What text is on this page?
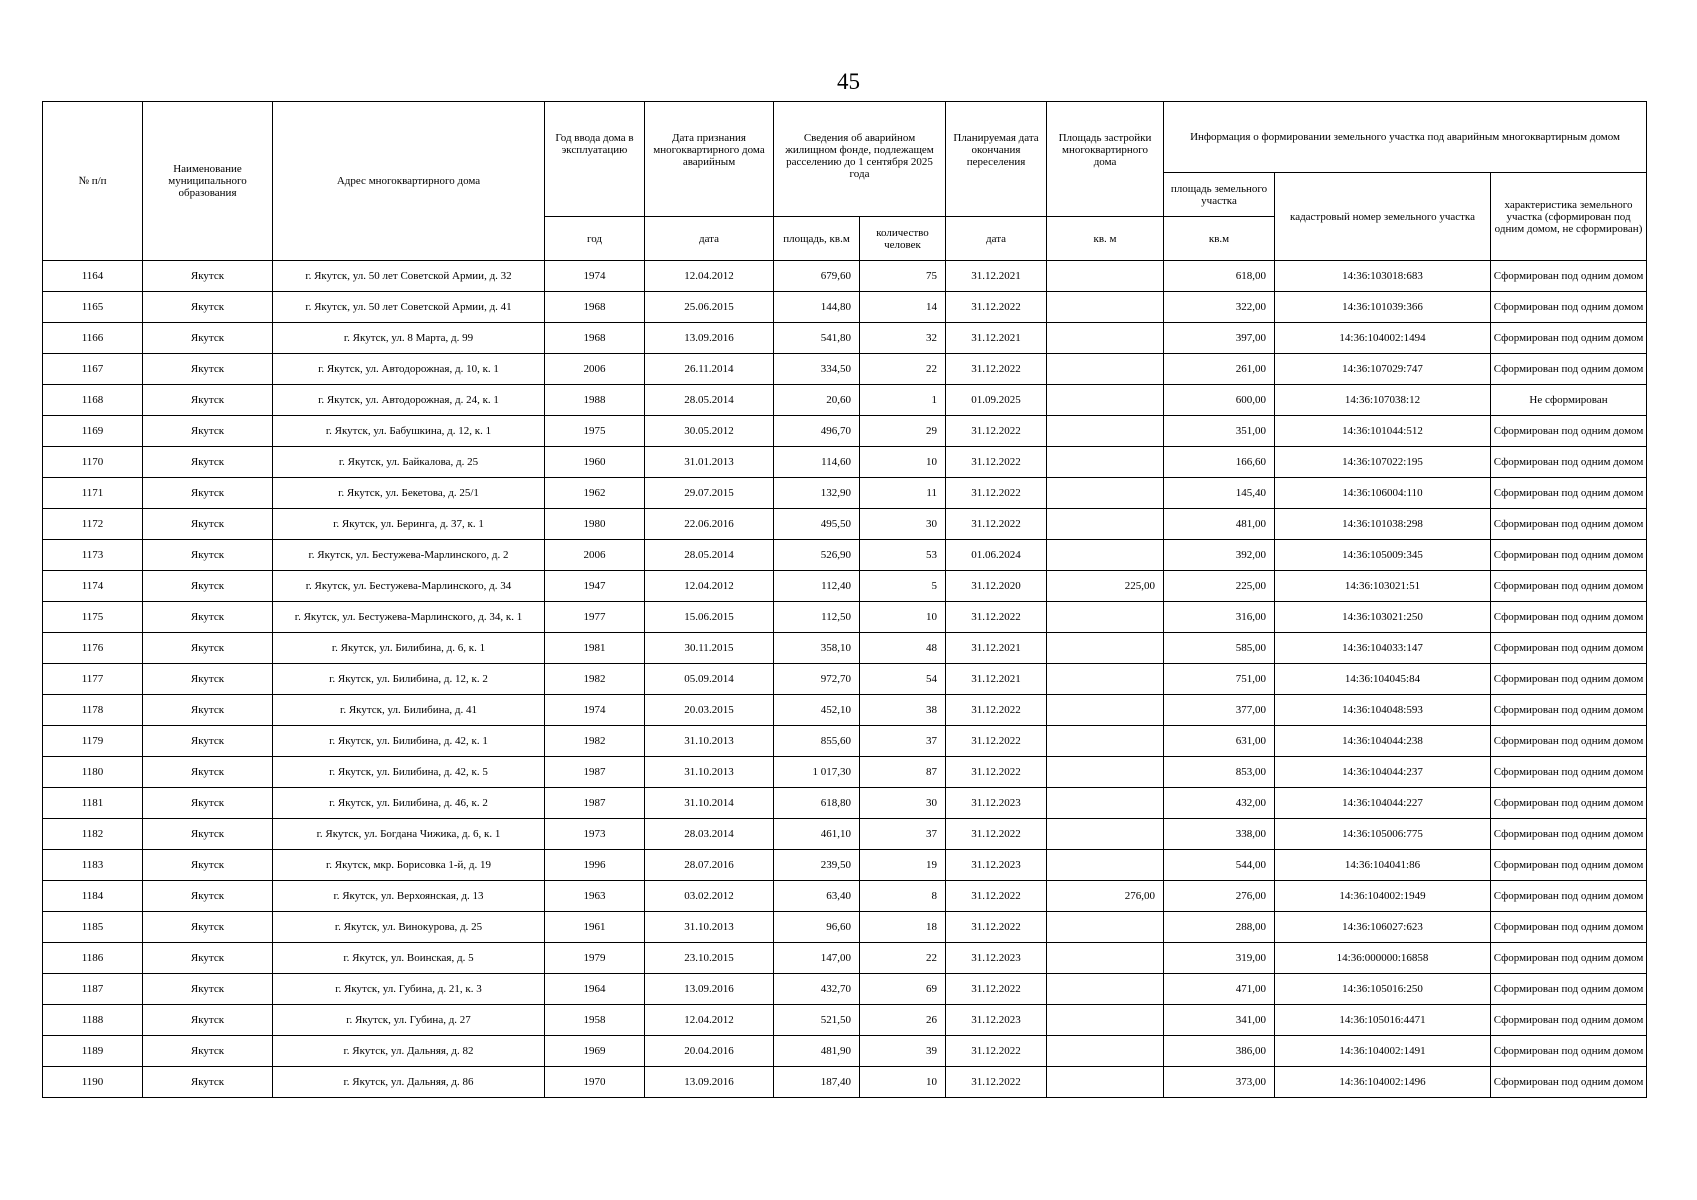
45
№ п/п	Наименование муниципального образования	Адрес многоквартирного дома	Год ввода дома в эксплуатацию	Дата признания многоквартирного дома аварийным	Сведения об аварийном жилищном фонде, подлежащем расселению до 1 сентября 2025 года		Планируемая дата окончания переселения	Площадь застройки многоквартирного дома	Информация о формировании земельного участка под аварийным многоквартирным домом		
									площадь земельного участка	кадастровый номер земельного участка	характеристика земельного участка (сформирован под одним домом, не сформирован)
			год	дата	площадь, кв.м	количество человек	дата	кв. м	кв.м		
1164	Якутск	г. Якутск, ул. 50 лет Советской Армии, д. 32	1974	12.04.2012	679,60	75	31.12.2021		618,00	14:36:103018:683	Сформирован под одним домом
1165	Якутск	г. Якутск, ул. 50 лет Советской Армии, д. 41	1968	25.06.2015	144,80	14	31.12.2022		322,00	14:36:101039:366	Сформирован под одним домом
1166	Якутск	г. Якутск, ул. 8 Марта, д. 99	1968	13.09.2016	541,80	32	31.12.2021		397,00	14:36:104002:1494	Сформирован под одним домом
1167	Якутск	г. Якутск, ул. Автодорожная, д. 10, к. 1	2006	26.11.2014	334,50	22	31.12.2022		261,00	14:36:107029:747	Сформирован под одним домом
1168	Якутск	г. Якутск, ул. Автодорожная, д. 24, к. 1	1988	28.05.2014	20,60	1	01.09.2025		600,00	14:36:107038:12	Не сформирован
1169	Якутск	г. Якутск, ул. Бабушкина, д. 12, к. 1	1975	30.05.2012	496,70	29	31.12.2022		351,00	14:36:101044:512	Сформирован под одним домом
1170	Якутск	г. Якутск, ул. Байкалова, д. 25	1960	31.01.2013	114,60	10	31.12.2022		166,60	14:36:107022:195	Сформирован под одним домом
1171	Якутск	г. Якутск, ул. Бекетова, д. 25/1	1962	29.07.2015	132,90	11	31.12.2022		145,40	14:36:106004:110	Сформирован под одним домом
1172	Якутск	г. Якутск, ул. Беринга, д. 37, к. 1	1980	22.06.2016	495,50	30	31.12.2022		481,00	14:36:101038:298	Сформирован под одним домом
1173	Якутск	г. Якутск, ул. Бестужева-Марлинского, д. 2	2006	28.05.2014	526,90	53	01.06.2024		392,00	14:36:105009:345	Сформирован под одним домом
1174	Якутск	г. Якутск, ул. Бестужева-Марлинского, д. 34	1947	12.04.2012	112,40	5	31.12.2020	225,00	225,00	14:36:103021:51	Сформирован под одним домом
1175	Якутск	г. Якутск, ул. Бестужева-Марлинского, д. 34, к. 1	1977	15.06.2015	112,50	10	31.12.2022		316,00	14:36:103021:250	Сформирован под одним домом
1176	Якутск	г. Якутск, ул. Билибина, д. 6, к. 1	1981	30.11.2015	358,10	48	31.12.2021		585,00	14:36:104033:147	Сформирован под одним домом
1177	Якутск	г. Якутск, ул. Билибина, д. 12, к. 2	1982	05.09.2014	972,70	54	31.12.2021		751,00	14:36:104045:84	Сформирован под одним домом
1178	Якутск	г. Якутск, ул. Билибина, д. 41	1974	20.03.2015	452,10	38	31.12.2022		377,00	14:36:104048:593	Сформирован под одним домом
1179	Якутск	г. Якутск, ул. Билибина, д. 42, к. 1	1982	31.10.2013	855,60	37	31.12.2022		631,00	14:36:104044:238	Сформирован под одним домом
1180	Якутск	г. Якутск, ул. Билибина, д. 42, к. 5	1987	31.10.2013	1 017,30	87	31.12.2022		853,00	14:36:104044:237	Сформирован под одним домом
1181	Якутск	г. Якутск, ул. Билибина, д. 46, к. 2	1987	31.10.2014	618,80	30	31.12.2023		432,00	14:36:104044:227	Сформирован под одним домом
1182	Якутск	г. Якутск, ул. Богдана Чижика, д. 6, к. 1	1973	28.03.2014	461,10	37	31.12.2022		338,00	14:36:105006:775	Сформирован под одним домом
1183	Якутск	г. Якутск, мкр. Борисовка 1-й, д. 19	1996	28.07.2016	239,50	19	31.12.2023		544,00	14:36:104041:86	Сформирован под одним домом
1184	Якутск	г. Якутск, ул. Верхоянская, д. 13	1963	03.02.2012	63,40	8	31.12.2022	276,00	276,00	14:36:104002:1949	Сформирован под одним домом
1185	Якутск	г. Якутск, ул. Винокурова, д. 25	1961	31.10.2013	96,60	18	31.12.2022		288,00	14:36:106027:623	Сформирован под одним домом
1186	Якутск	г. Якутск, ул. Воинская, д. 5	1979	23.10.2015	147,00	22	31.12.2023		319,00	14:36:000000:16858	Сформирован под одним домом
1187	Якутск	г. Якутск, ул. Губина, д. 21, к. 3	1964	13.09.2016	432,70	69	31.12.2022		471,00	14:36:105016:250	Сформирован под одним домом
1188	Якутск	г. Якутск, ул. Губина, д. 27	1958	12.04.2012	521,50	26	31.12.2023		341,00	14:36:105016:4471	Сформирован под одним домом
1189	Якутск	г. Якутск, ул. Дальняя, д. 82	1969	20.04.2016	481,90	39	31.12.2022		386,00	14:36:104002:1491	Сформирован под одним домом
1190	Якутск	г. Якутск, ул. Дальняя, д. 86	1970	13.09.2016	187,40	10	31.12.2022		373,00	14:36:104002:1496	Сформирован под одним домом
